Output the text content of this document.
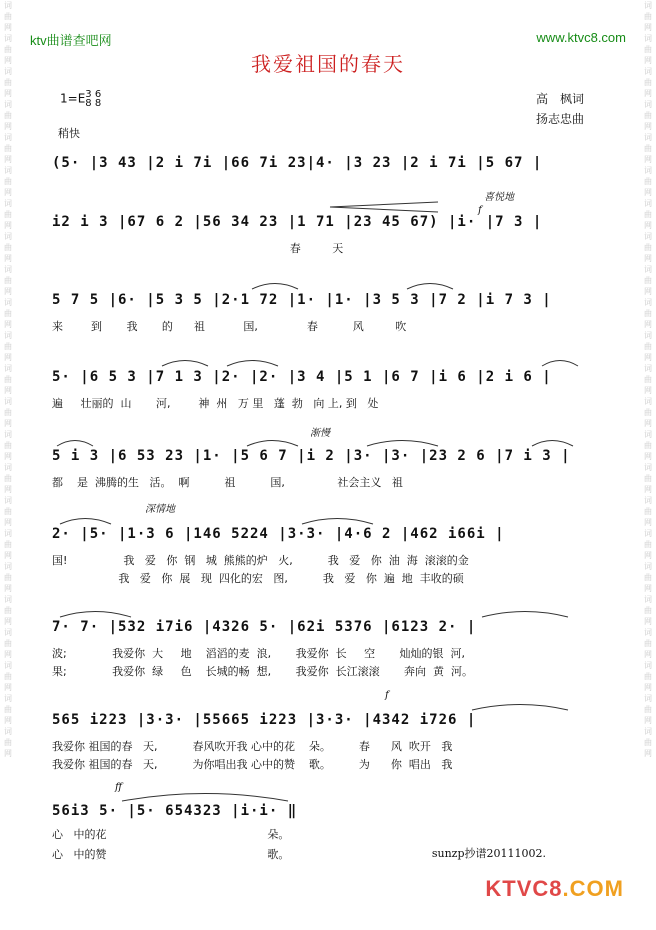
词曲网词曲网词曲网词曲网词曲网词曲网词曲网词曲网词曲网词曲网词曲网词曲网词曲网词曲网词曲网词曲网词曲网词曲网词曲网词曲网词曲网词曲网词曲网
词曲网词曲网词曲网词曲网词曲网词曲网词曲网词曲网词曲网词曲网词曲网词曲网词曲网词曲网词曲网词曲网词曲网词曲网词曲网词曲网词曲网词曲网词曲网
ktv曲谱查吧网	www.ktvc8.com
我爱祖国的春天
1=E 3 6
8 8	高　枫词
扬志忠曲
稍快
(5· |3 43 |2 i 7i |66 7i 23|4· |3 23 |2 i 7i |5 67 |
喜悦地
f
i2 i 3 |67 6 2 |56 34 23 |1 71 |23 45 67) |i· |7 3 |
春         天
5 7 5 |6· |5 3 5 |2·1 72 |1· |1· |3 5 3 |7 2 |i 7 3 |
来        到       我       的      祖           国,              春          风         吹
5· |6 5 3 |7 1 3 |2· |2· |3 4 |5 1 |6 7 |i 6 |2 i 6 |
遍     壮丽的  山       河,        神  州   万 里   蓬  勃   向 上, 到   处
渐慢
5 i 3 |6 53 23 |1· |5 6 7 |i 2 |3· |3· |23 2 6 |7 i 3 |
都    是  沸腾的生   活。  啊          祖          国,               社会主义   祖
深情地
2· |5· |1·3 6 |146 5224 |3·3· |4·6 2 |462 i66i |
国!                我   爱   你  钢   城  熊熊的炉   火,          我   爱   你  油  海  滚滚的金
我   爱   你  展   现  四化的宏   图,          我   爱   你  遍  地  丰收的硕
7· 7· |532 i7i6 |4326 5· |62i 5376 |6123 2· |
波;             我爱你  大     地    滔滔的麦  浪,       我爱你  长     空       灿灿的银  河,
果;             我爱你  绿     色    长城的畅  想,       我爱你  长江滚滚       奔向  黄  河。
f
565 i223 |3·3· |55665 i223 |3·3· |4342 i726 |
我爱你 祖国的春   天,          春风吹开我 心中的花    朵。        春      风  吹开   我
我爱你 祖国的春   天,          为你唱出我 心中的赞    歌。        为      你  唱出   我
ff
56i3 5· |5· 654323 |i·i· ‖
心   中的花                                              朵。
心   中的赞                                              歌。	sunzp抄谱20111002.
KTVC8.COM
